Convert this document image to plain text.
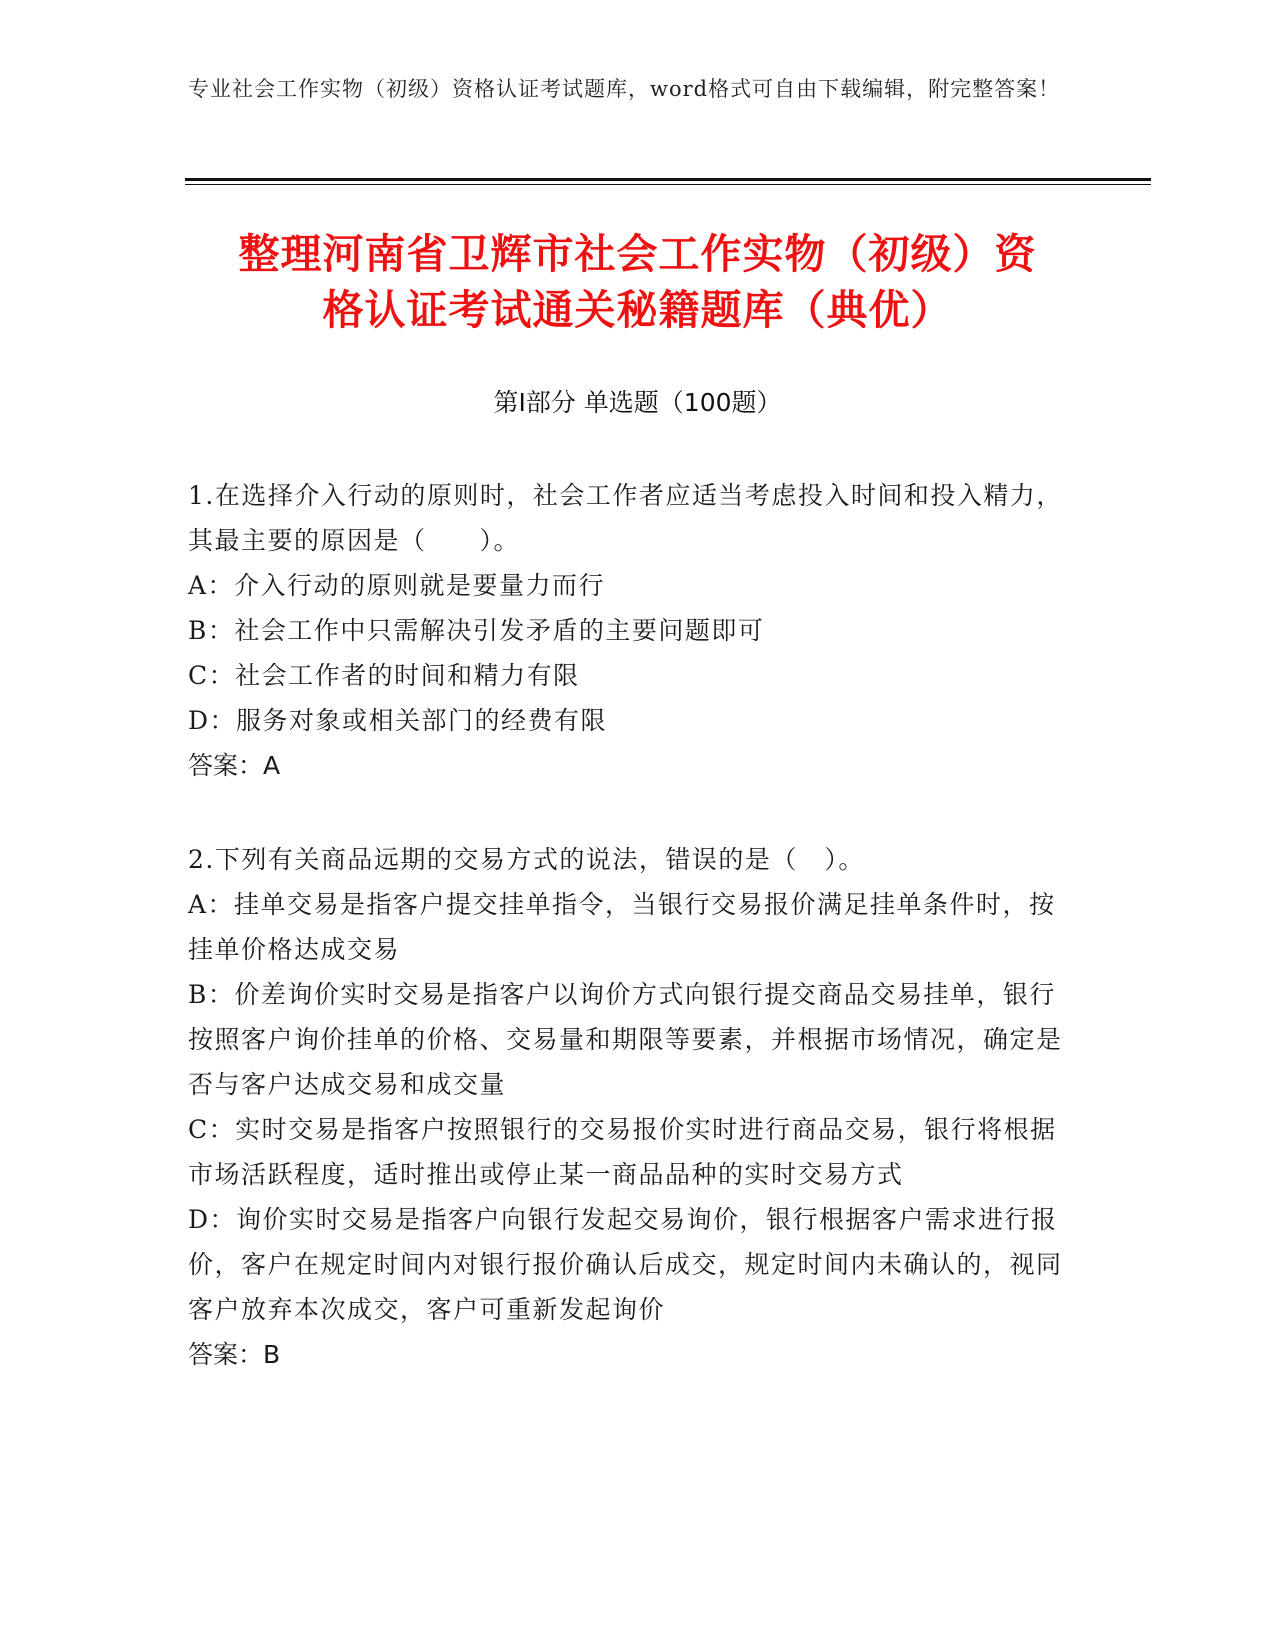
专业社会工作实物（初级）资格认证考试题库，word格式可自由下载编辑，附完整答案！
整理河南省卫辉市社会工作实物（初级）资
格认证考试通关秘籍题库（典优）
第Ⅰ部分 单选题（100题）
1.在选择介入行动的原则时，社会工作者应适当考虑投入时间和投入精力，其最主要的原因是（　　）。
A：介入行动的原则就是要量力而行
B：社会工作中只需解决引发矛盾的主要问题即可
C：社会工作者的时间和精力有限
D：服务对象或相关部门的经费有限
答案：A
2.下列有关商品远期的交易方式的说法，错误的是（　）。
A：挂单交易是指客户提交挂单指令，当银行交易报价满足挂单条件时，按挂单价格达成交易
B：价差询价实时交易是指客户以询价方式向银行提交商品交易挂单，银行按照客户询价挂单的价格、交易量和期限等要素，并根据市场情况，确定是否与客户达成交易和成交量
C：实时交易是指客户按照银行的交易报价实时进行商品交易，银行将根据市场活跃程度，适时推出或停止某一商品品种的实时交易方式
D：询价实时交易是指客户向银行发起交易询价，银行根据客户需求进行报价，客户在规定时间内对银行报价确认后成交，规定时间内未确认的，视同客户放弃本次成交，客户可重新发起询价
答案：B
